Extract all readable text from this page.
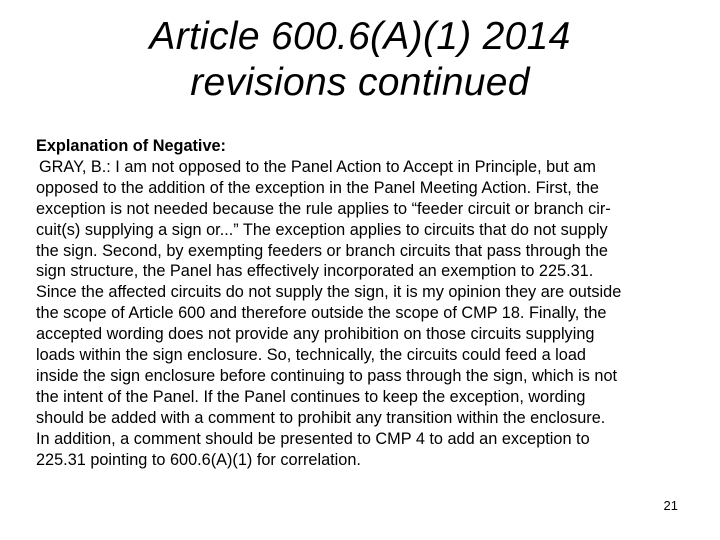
Article 600.6(A)(1) 2014
revisions continued
Explanation of Negative:
GRAY, B.: I am not opposed to the Panel Action to Accept in Principle, but am
opposed to the addition of the exception in the Panel Meeting Action. First, the
exception is not needed because the rule applies to “feeder circuit or branch cir-
cuit(s) supplying a sign or...” The exception applies to circuits that do not supply
the sign. Second, by exempting feeders or branch circuits that pass through the
sign structure, the Panel has effectively incorporated an exemption to 225.31.
Since the affected circuits do not supply the sign, it is my opinion they are outside
the scope of Article 600 and therefore outside the scope of CMP 18. Finally, the
accepted wording does not provide any prohibition on those circuits supplying
loads within the sign enclosure. So, technically, the circuits could feed a load
inside the sign enclosure before continuing to pass through the sign, which is not
the intent of the Panel. If the Panel continues to keep the exception, wording
should be added with a comment to prohibit any transition within the enclosure.
In addition, a comment should be presented to CMP 4 to add an exception to
225.31 pointing to 600.6(A)(1) for correlation.
21
